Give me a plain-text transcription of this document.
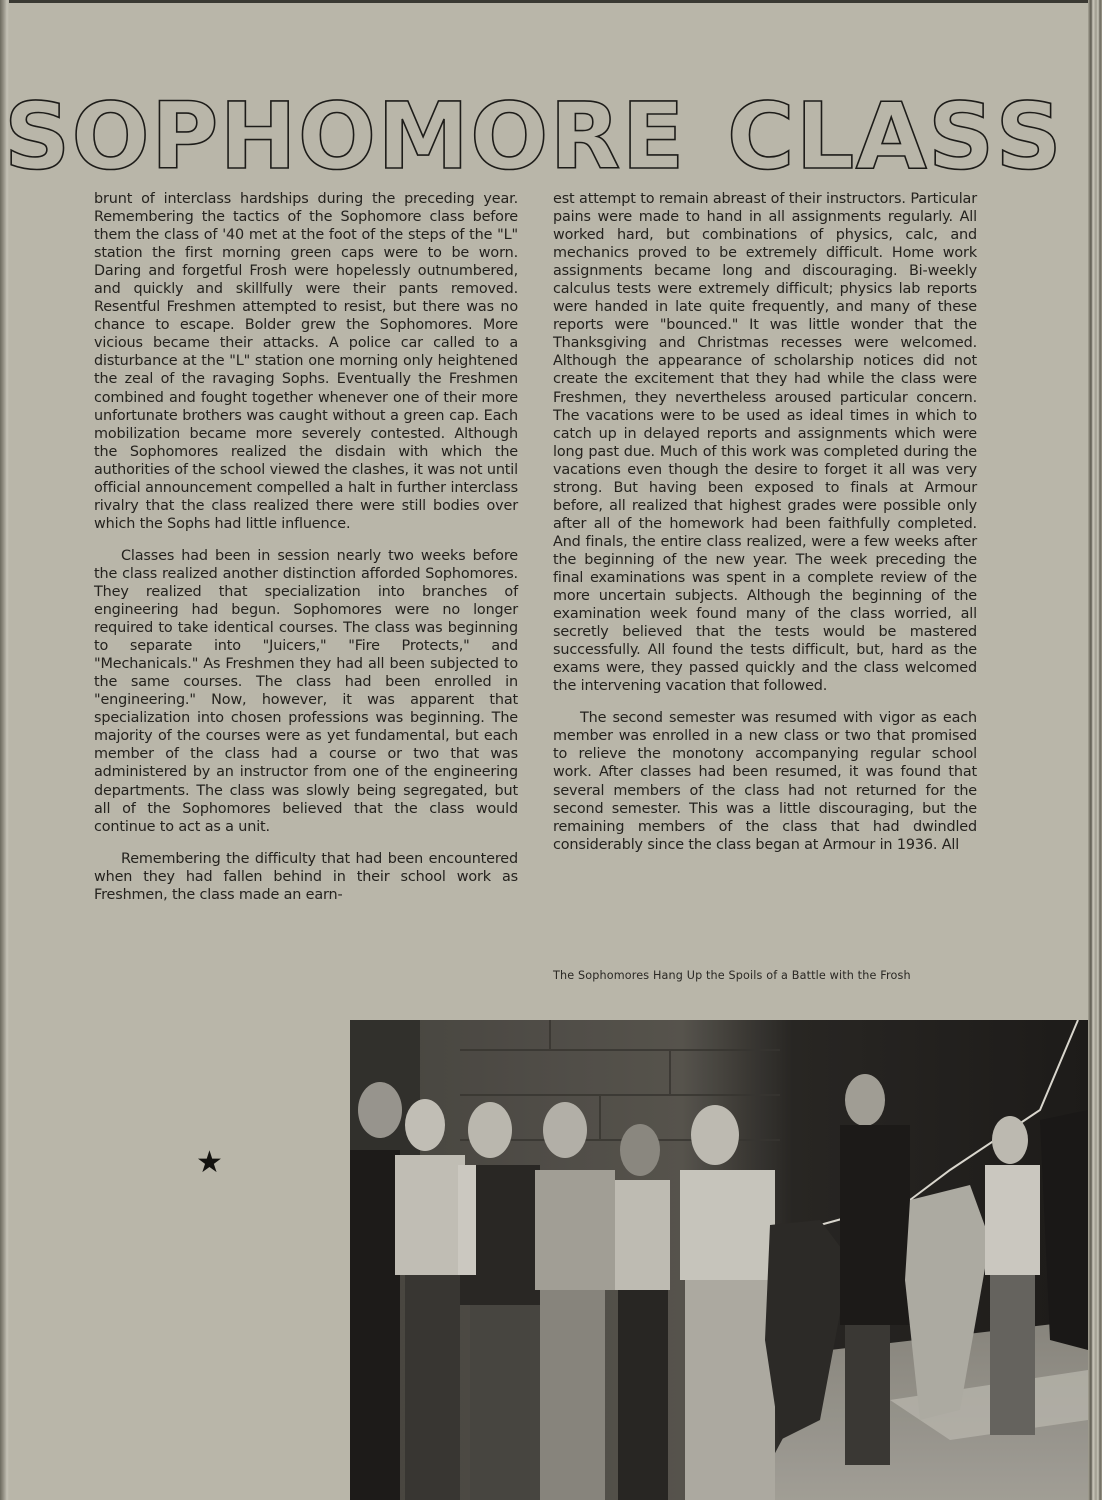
S O P H O M O R E C L A S S

brunt of interclass hardships during the preceding year. Remembering the tactics of the Sophomore class before them the class of '40 met at the foot of the steps of the "L" station the first morning green caps were to be worn. Daring and forgetful Frosh were hopelessly outnumbered, and quickly and skillfully were their pants removed. Resentful Freshmen attempted to resist, but there was no chance to escape. Bolder grew the Sophomores. More vicious became their attacks. A police car called to a disturbance at the "L" station one morning only heightened the zeal of the ravaging Sophs. Eventually the Freshmen combined and fought together whenever one of their more unfortunate brothers was caught without a green cap. Each mobilization became more severely contested. Although the Sophomores realized the disdain with which the authorities of the school viewed the clashes, it was not until official announcement compelled a halt in further interclass rivalry that the class realized there were still bodies over which the Sophs had little influence.

Classes had been in session nearly two weeks before the class realized another distinction afforded Sophomores. They realized that specialization into branches of engineering had begun. Sophomores were no longer required to take identical courses. The class was beginning to separate into "Juicers," "Fire Protects," and "Mechanicals." As Freshmen they had all been subjected to the same courses. The class had been enrolled in "engineering." Now, however, it was apparent that specialization into chosen professions was beginning. The majority of the courses were as yet fundamental, but each member of the class had a course or two that was administered by an instructor from one of the engineering departments. The class was slowly being segregated, but all of the Sophomores believed that the class would continue to act as a unit.

Remembering the difficulty that had been encountered when they had fallen behind in their school work as Freshmen, the class made an earn-

est attempt to remain abreast of their instructors. Particular pains were made to hand in all assignments regularly. All worked hard, but combinations of physics, calc, and mechanics proved to be extremely difficult. Home work assignments became long and discouraging. Bi-weekly calculus tests were extremely difficult; physics lab reports were handed in late quite frequently, and many of these reports were "bounced." It was little wonder that the Thanksgiving and Christmas recesses were welcomed. Although the appearance of scholarship notices did not create the excitement that they had while the class were Freshmen, they nevertheless aroused particular concern. The vacations were to be used as ideal times in which to catch up in delayed reports and assignments which were long past due. Much of this work was completed during the vacations even though the desire to forget it all was very strong. But having been exposed to finals at Armour before, all realized that highest grades were possible only after all of the homework had been faithfully completed. And finals, the entire class realized, were a few weeks after the beginning of the new year. The week preceding the final examinations was spent in a complete review of the more uncertain subjects. Although the beginning of the examination week found many of the class worried, all secretly believed that the tests would be mastered successfully. All found the tests difficult, but, hard as the exams were, they passed quickly and the class welcomed the intervening vacation that followed.

The second semester was resumed with vigor as each member was enrolled in a new class or two that promised to relieve the monotony accompanying regular school work. After classes had been resumed, it was found that several members of the class had not returned for the second semester. This was a little discouraging, but the remaining members of the class that had dwindled considerably since the class began at Armour in 1936. All

The Sophomores Hang Up the Spoils of a Battle with the Frosh
★
